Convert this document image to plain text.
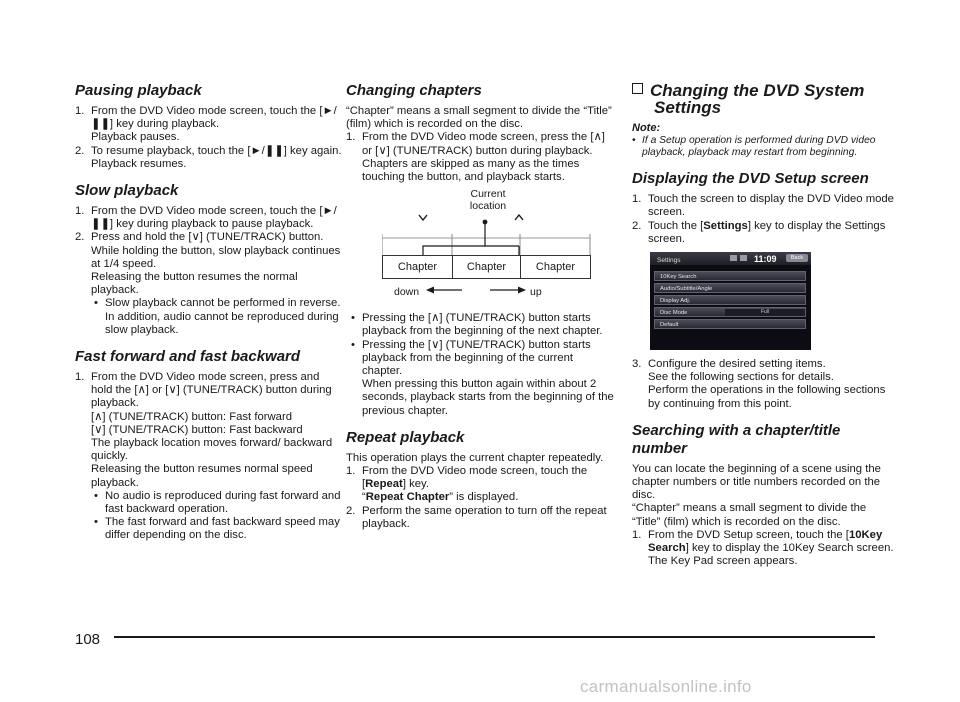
Pausing playback
1. From the DVD Video mode screen, touch the [►/❚❚] key during playback.

Playback pauses.

2. To resume playback, touch the [►/❚❚] key again.

Playback resumes.

Slow playback
1. From the DVD Video mode screen, touch the [►/❚❚] key during playback to pause playback.

2. Press and hold the [∨] (TUNE/TRACK) button.

While holding the button, slow playback continues at 1/4 speed.

Releasing the button resumes the normal playback.

• Slow playback cannot be performed in reverse. In addition, audio cannot be reproduced during slow playback.
Fast forward and fast backward
1. From the DVD Video mode screen, press and hold the [∧] or [∨] (TUNE/TRACK) button during playback.

[∧] (TUNE/TRACK) button: Fast forward

[∨] (TUNE/TRACK) button: Fast backward

The playback location moves forward/ backward quickly.

Releasing the button resumes normal speed playback.

• No audio is reproduced during fast forward and fast backward operation.
• The fast forward and fast backward speed may differ depending on the disc.
Changing chapters

“Chapter” means a small segment to divide the “Title” (film) which is recorded on the disc.

1. From the DVD Video mode screen, press the [∧] or [∨] (TUNE/TRACK) button during playback.

Chapters are skipped as many as the times touching the button, and playback starts.

Current
location
Chapter	Chapter	Chapter
down	up

• Pressing the [∧] (TUNE/TRACK) button starts playback from the beginning of the next chapter.

• Pressing the [∨] (TUNE/TRACK) button starts playback from the beginning of the current chapter.

When pressing this button again within about 2 seconds, playback starts from the beginning of the previous chapter.

Repeat playback

This operation plays the current chapter repeatedly.

1. From the DVD Video mode screen, touch the [Repeat] key.

“Repeat Chapter” is displayed.

2. Perform the same operation to turn off the repeat playback.

Changing the DVD System
Settings
Note:
• If a Setup operation is performed during DVD video playback, playback may restart from beginning.
Displaying the DVD Setup screen
1. Touch the screen to display the DVD Video mode screen.

2. Touch the [Settings] key to display the Settings screen.

Settings	11:09	Back
10Key Search
Audio/Subtitle/Angle
Display Adj.
Disc Mode	Full
Default
3. Configure the desired setting items.

See the following sections for details.

Perform the operations in the following sections by continuing from this point.

Searching with a chapter/title
number

You can locate the beginning of a scene using the chapter numbers or title numbers recorded on the disc.

“Chapter” means a small segment to divide the “Title” (film) which is recorded on the disc.

1. From the DVD Setup screen, touch the [10Key Search] key to display the 10Key Search screen.

The Key Pad screen appears.

108
carmanualsonline.info
